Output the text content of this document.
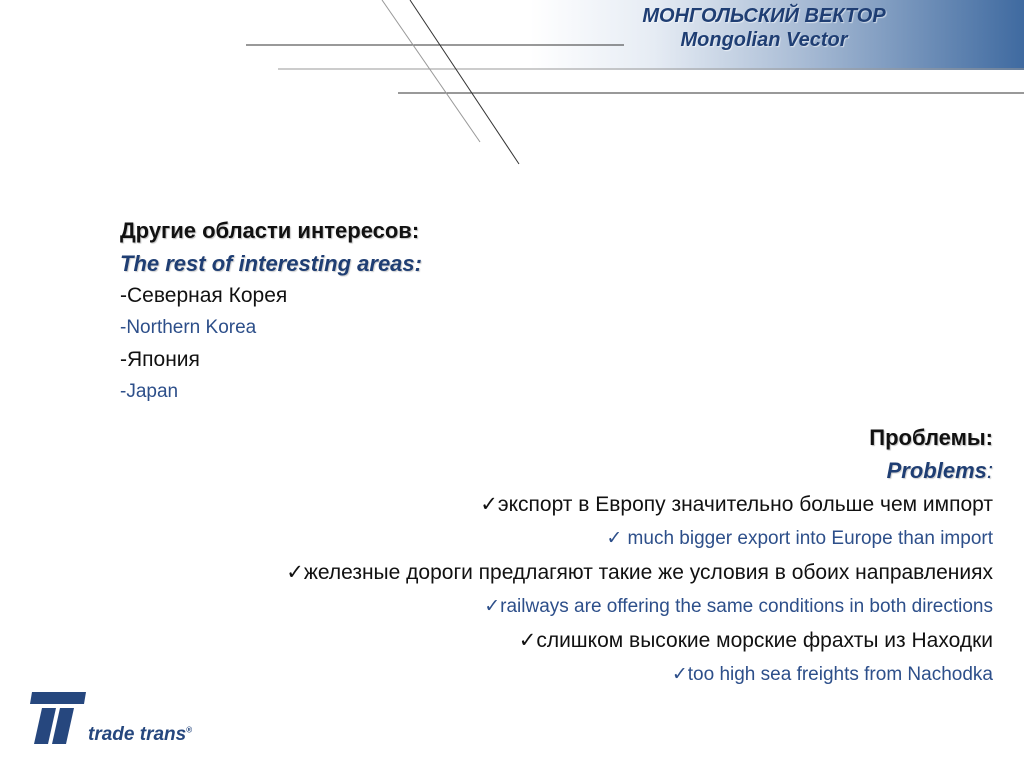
МОНГОЛЬСКИЙ ВЕКТОР
Mongolian Vector
Другие области интересов:
The rest of interesting areas:
-Северная Корея
-Northern Korea
-Япония
-Japan
Проблемы:
Problems:
✓экспорт в Европу значительно больше чем импорт
✓ much bigger export into Europe than import
✓железные дороги предлагяют такие же условия в обоих направлениях
✓railways are offering the same conditions in both directions
✓слишком высокие морские фрахты из Находки
✓too high sea freights from Nachodka
trade trans®
